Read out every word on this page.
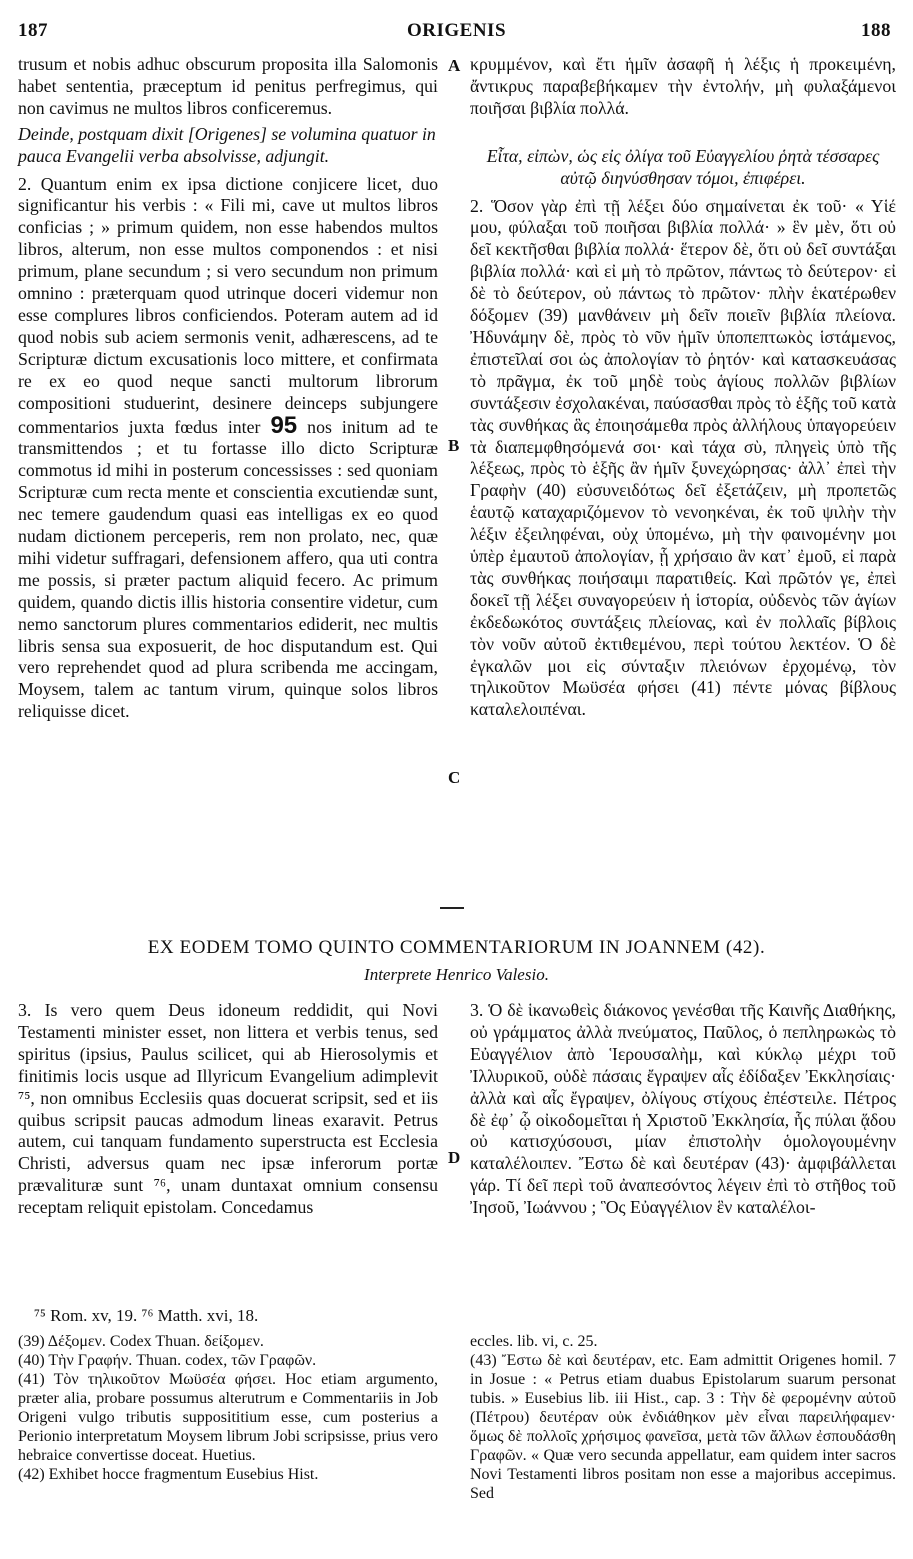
187	ORIGENIS	188

trusum et nobis adhuc obscurum proposita illa Salomonis habet sententia, præceptum id penitus perfregimus, qui non cavimus ne multos libros conficeremus.

Deinde, postquam dixit [Origenes] se volumina quatuor in pauca Evangelii verba absolvisse, adjungit.

2. Quantum enim ex ipsa dictione conjicere licet, duo significantur his verbis : « Fili mi, cave ut multos libros conficias ; » primum quidem, non esse habendos multos libros, alterum, non esse multos componendos : et nisi primum, plane secundum ; si vero secundum non primum omnino : præterquam quod utrinque doceri videmur non esse complures libros conficiendos. Poteram autem ad id quod nobis sub aciem sermonis venit, adhærescens, ad te Scripturæ dictum excusationis loco mittere, et confirmata re ex eo quod neque sancti multorum librorum compositioni studuerint, desinere deinceps subjungere commentarios juxta fœdus inter 95 nos initum ad te transmittendos ; et tu fortasse illo dicto Scripturæ commotus id mihi in posterum concessisses : sed quoniam Scripturæ cum recta mente et conscientia excutiendæ sunt, nec temere gaudendum quasi eas intelligas ex eo quod nudam dictionem perceperis, rem non prolato, nec, quæ mihi videtur suffragari, defensionem affero, qua uti contra me possis, si præter pactum aliquid fecero. Ac primum quidem, quando dictis illis historia consentire videtur, cum nemo sanctorum plures commentarios ediderit, nec multis libris sensa sua exposuerit, de hoc disputandum est. Qui vero reprehendet quod ad plura scribenda me accingam, Moysem, talem ac tantum virum, quinque solos libros reliquisse dicet.

κρυμμένον, καὶ ἔτι ἡμῖν ἀσαφῆ ἡ λέξις ἡ προκειμένη, ἄντικρυς παραβεβήκαμεν τὴν ἐντολήν, μὴ φυλαξάμενοι ποιῆσαι βιβλία πολλά.

Εἶτα, εἰπὼν, ὡς εἰς ὀλίγα τοῦ Εὐαγγελίου ῥητὰ τέσσαρες αὐτῷ διηνύσθησαν τόμοι, ἐπιφέρει.

2. Ὅσον γὰρ ἐπὶ τῇ λέξει δύο σημαίνεται ἐκ τοῦ· « Υἱέ μου, φύλαξαι τοῦ ποιῆσαι βιβλία πολλά· » ἓν μὲν, ὅτι οὐ δεῖ κεκτῆσθαι βιβλία πολλά· ἕτερον δὲ, ὅτι οὐ δεῖ συντάξαι βιβλία πολλά· καὶ εἰ μὴ τὸ πρῶτον, πάντως τὸ δεύτερον· εἰ δὲ τὸ δεύτερον, οὐ πάντως τὸ πρῶτον· πλὴν ἑκατέρωθεν δόξομεν (39) μανθάνειν μὴ δεῖν ποιεῖν βιβλία πλείονα. Ἠδυνάμην δὲ, πρὸς τὸ νῦν ἡμῖν ὑποπεπτωκὸς ἱστάμενος, ἐπιστεῖλαί σοι ὡς ἀπολογίαν τὸ ῥητόν· καὶ κατασκευάσας τὸ πρᾶγμα, ἐκ τοῦ μηδὲ τοὺς ἁγίους πολλῶν βιβλίων συντάξεσιν ἐσχολακέναι, παύσασθαι πρὸς τὸ ἑξῆς τοῦ κατὰ τὰς συνθήκας ἃς ἐποιησάμεθα πρὸς ἀλλήλους ὑπαγορεύειν τὰ διαπεμφθησόμενά σοι· καὶ τάχα σὺ, πληγεὶς ὑπὸ τῆς λέξεως, πρὸς τὸ ἑξῆς ἂν ἡμῖν ξυνεχώρησας· ἀλλ᾽ ἐπεὶ τὴν Γραφὴν (40) εὐσυνειδότως δεῖ ἐξετάζειν, μὴ προπετῶς ἑαυτῷ καταχαριζόμενον τὸ νενοηκέναι, ἐκ τοῦ ψιλὴν τὴν λέξιν ἐξειληφέναι, οὐχ ὑπομένω, μὴ τὴν φαινομένην μοι ὑπὲρ ἐμαυτοῦ ἀπολογίαν, ᾗ χρήσαιο ἂν κατ᾽ ἐμοῦ, εἰ παρὰ τὰς συνθήκας ποιήσαιμι παρατιθείς. Καὶ πρῶτόν γε, ἐπεὶ δοκεῖ τῇ λέξει συναγορεύειν ἡ ἱστορία, οὐδενὸς τῶν ἁγίων ἐκδεδωκότος συντάξεις πλείονας, καὶ ἐν πολλαῖς βίβλοις τὸν νοῦν αὐτοῦ ἐκτιθεμένου, περὶ τούτου λεκτέον. Ὁ δὲ ἐγκαλῶν μοι εἰς σύνταξιν πλειόνων ἐρχομένῳ, τὸν τηλικοῦτον Μωϋσέα φήσει (41) πέντε μόνας βίβλους καταλελοιπέναι.

A
B
C
D
EX EODEM TOMO QUINTO COMMENTARIORUM IN JOANNEM (42).
Interprete Henrico Valesio.

3. Is vero quem Deus idoneum reddidit, qui Novi Testamenti minister esset, non littera et verbis tenus, sed spiritus (ipsius, Paulus scilicet, qui ab Hierosolymis et finitimis locis usque ad Illyricum Evangelium adimplevit ⁷⁵, non omnibus Ecclesiis quas docuerat scripsit, sed et iis quibus scripsit paucas admodum lineas exaravit. Petrus autem, cui tanquam fundamento superstructa est Ecclesia Christi, adversus quam nec ipsæ inferorum portæ prævalituræ sunt ⁷⁶, unam duntaxat omnium consensu receptam reliquit epistolam. Concedamus

3. Ὁ δὲ ἱκανωθεὶς διάκονος γενέσθαι τῆς Καινῆς Διαθήκης, οὐ γράμματος ἀλλὰ πνεύματος, Παῦλος, ὁ πεπληρωκὼς τὸ Εὐαγγέλιον ἀπὸ Ἱερουσαλὴμ, καὶ κύκλῳ μέχρι τοῦ Ἰλλυρικοῦ, οὐδὲ πάσαις ἔγραψεν αἷς ἐδίδαξεν Ἐκκλησίαις· ἀλλὰ καὶ αἷς ἔγραψεν, ὀλίγους στίχους ἐπέστειλε. Πέτρος δὲ ἐφ᾽ ᾧ οἰκοδομεῖται ἡ Χριστοῦ Ἐκκλησία, ἧς πύλαι ᾅδου οὐ κατισχύσουσι, μίαν ἐπιστολὴν ὁμολογουμένην καταλέλοιπεν. Ἔστω δὲ καὶ δευτέραν (43)· ἀμφιβάλλεται γάρ. Τί δεῖ περὶ τοῦ ἀναπεσόντος λέγειν ἐπὶ τὸ στῆθος τοῦ Ἰησοῦ, Ἰωάννου ; Ὃς Εὐαγγέλιον ἓν καταλέλοι-

⁷⁵ Rom. xv, 19. ⁷⁶ Matth. xvi, 18.

(39) Δέξομεν. Codex Thuan. δείξομεν.

(40) Τὴν Γραφήν. Thuan. codex, τῶν Γραφῶν.

(41) Τὸν τηλικοῦτον Μωϋσέα φήσει. Hoc etiam argumento, præter alia, probare possumus alterutrum e Commentariis in Job Origeni vulgo tributis supposititium esse, cum posterius a Perionio interpretatum Moysem librum Jobi scripsisse, prius vero hebraice convertisse doceat. Huetius.

(42) Exhibet hocce fragmentum Eusebius Hist.

eccles. lib. vi, c. 25.

(43) Ἔστω δὲ καὶ δευτέραν, etc. Eam admittit Origenes homil. 7 in Josue : « Petrus etiam duabus Epistolarum suarum personat tubis. » Eusebius lib. iii Hist., cap. 3 : Τὴν δὲ φερομένην αὐτοῦ (Πέτρου) δευτέραν οὐκ ἐνδιάθηκον μὲν εἶναι παρειλήφαμεν· ὅμως δὲ πολλοῖς χρήσιμος φανεῖσα, μετὰ τῶν ἄλλων ἐσπουδάσθη Γραφῶν. « Quæ vero secunda appellatur, eam quidem inter sacros Novi Testamenti libros positam non esse a majoribus accepimus. Sed
